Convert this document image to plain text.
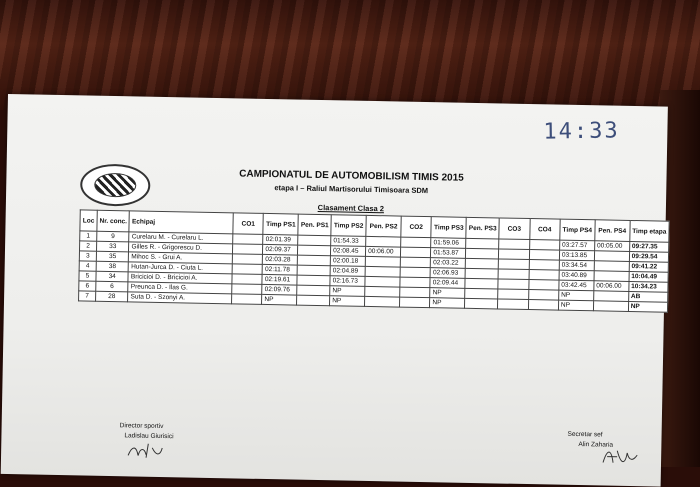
14:33
CAMPIONATUL DE AUTOMOBILISM TIMIS 2015
etapa I – Raliul Martisorului Timisoara SDM
Clasament Clasa 2
Loc	Nr. conc.	Echipaj	CO1	Timp PS1	Pen. PS1	Timp PS2	Pen. PS2	CO2	Timp PS3	Pen. PS3	CO3	CO4	Timp PS4	Pen. PS4	Timp etapa
1	9	Curelaru M. - Curelaru L.		02:01.39		01:54.33			01:59.06				03:27.57	00:05.00	09:27.35
2	33	Gilles R. - Grigorescu D.		02:09.37		02:08.45	00:06.00		01:53.87				03:13.85		09:29.54
3	35	Mihoc S. - Grui A.		02:03.28		02:00.18			02:03.22				03:34.54		09:41.22
4	38	Hutan-Jurca D. - Ciuta L.		02:11.78		02:04.89			02:06.93				03:40.89		10:04.49
5	34	Bricicioi D. - Bricicioi A.		02:19.61		02:16.73			02:09.44				03:42.45	00:06.00	10:34.23
6	6	Preunca D. - Ilas G.		02:09.76		NP			NP				NP		AB
7	28	Suta D. - Szonyi A.		NP		NP			NP				NP		NP
Director sportiv
Ladislau Giurisici	Secretar sef
Alin Zaharia
